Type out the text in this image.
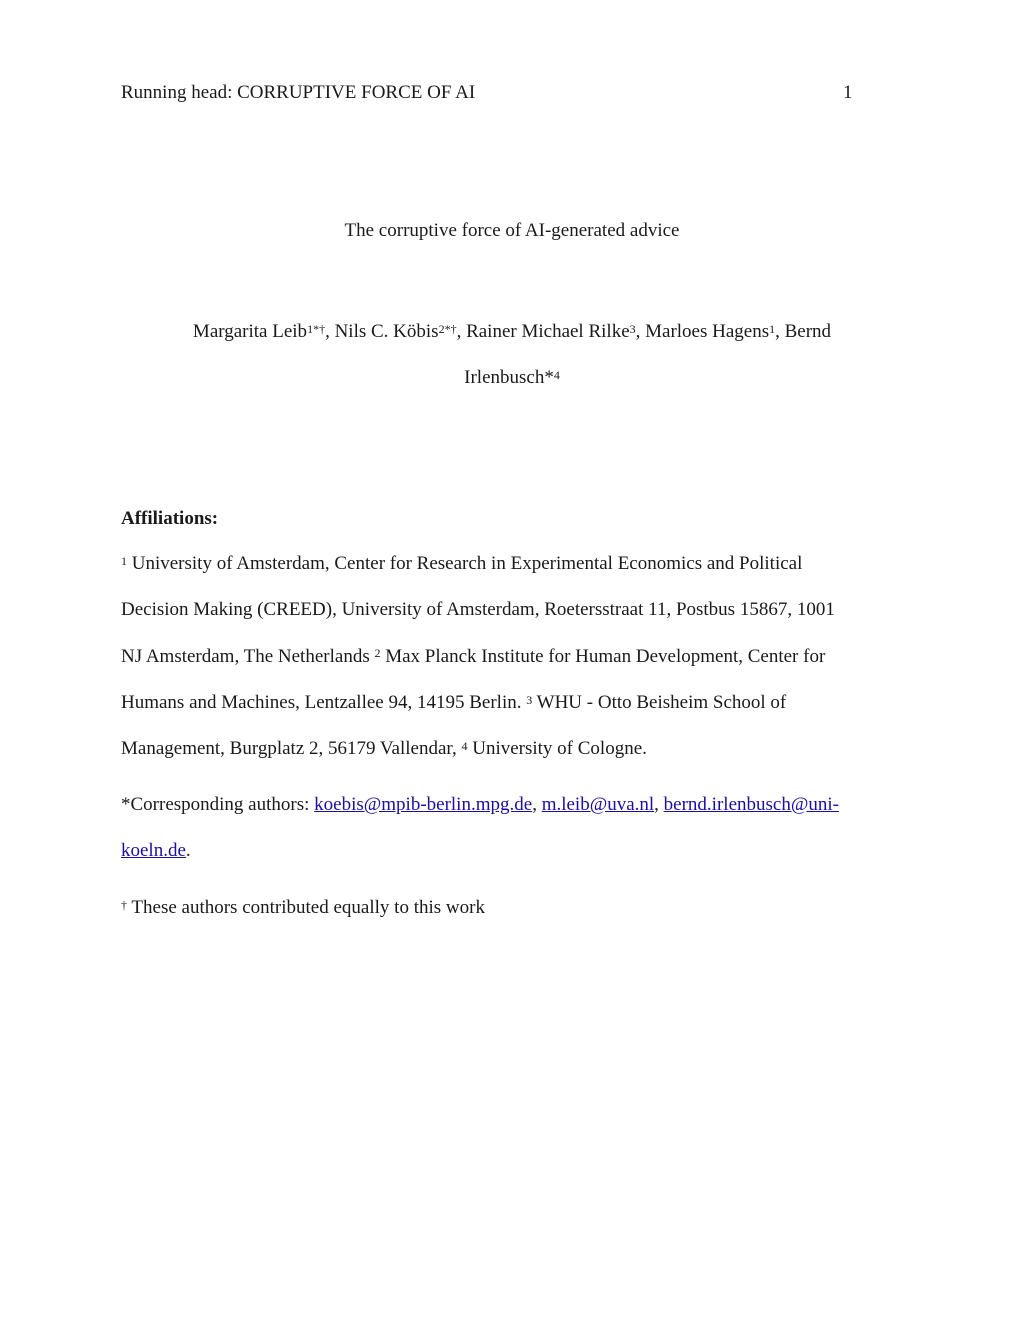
Running head: CORRUPTIVE FORCE OF AI	1
The corruptive force of AI-generated advice
Margarita Leib$^{1*\dagger}$, Nils C. Köbis$^{2*\dagger}$, Rainer Michael Rilke$^3$, Marloes Hagens$^1$, Bernd
Irlenbusch*$^4$
Affiliations:
$^1$ University of Amsterdam, Center for Research in Experimental Economics and Political
Decision Making (CREED), University of Amsterdam, Roetersstraat 11, Postbus 15867, 1001
NJ Amsterdam, The Netherlands $^2$ Max Planck Institute for Human Development, Center for
Humans and Machines, Lentzallee 94, 14195 Berlin. $^3$ WHU - Otto Beisheim School of
Management, Burgplatz 2, 56179 Vallendar, $^4$ University of Cologne.
*Corresponding authors: koebis@mpib-berlin.mpg.de, m.leib@uva.nl, bernd.irlenbusch@uni-
koeln.de.
† These authors contributed equally to this work
